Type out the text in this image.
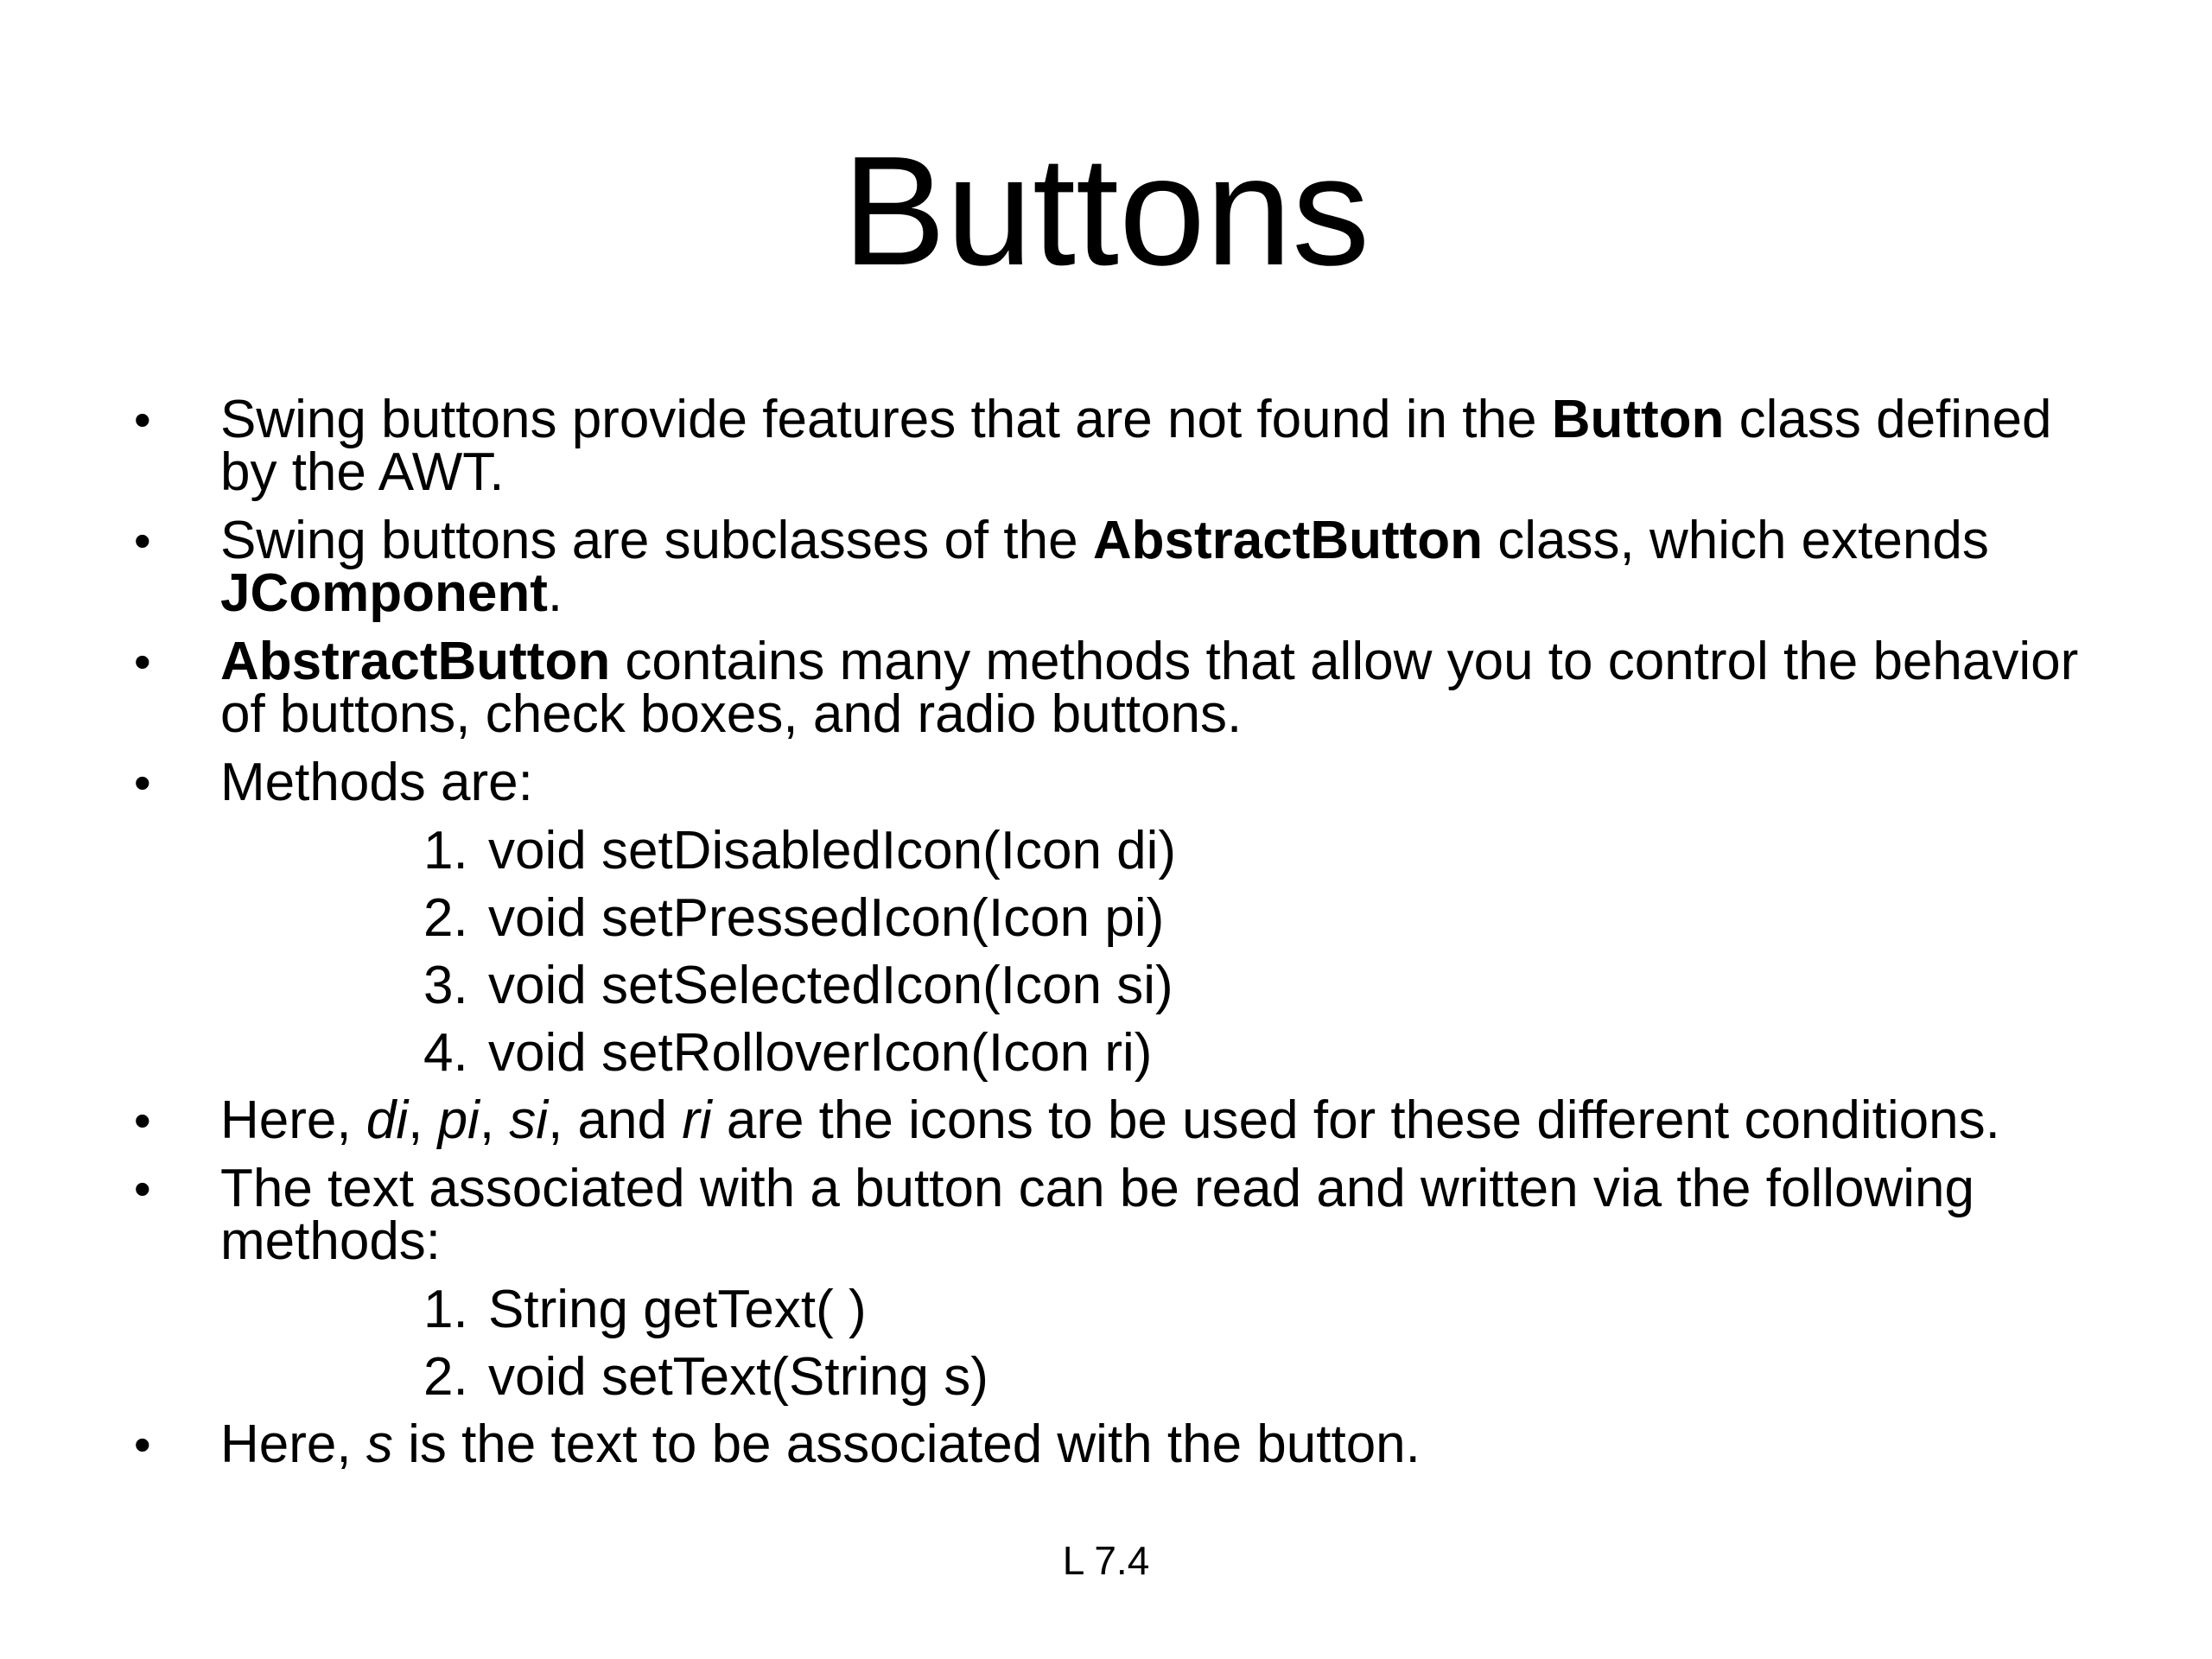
Buttons
• Swing buttons provide features that are not found in the Button class defined by the AWT.
• Swing buttons are subclasses of the AbstractButton class, which extends JComponent.
• AbstractButton contains many methods that allow you to control the behavior of buttons, check boxes, and radio buttons.
• Methods are:
1. void setDisabledIcon(Icon di)
2. void setPressedIcon(Icon pi)
3. void setSelectedIcon(Icon si)
4. void setRolloverIcon(Icon ri)
• Here, di, pi, si, and ri are the icons to be used for these different conditions.
• The text associated with a button can be read and written via the following methods:
1. String getText( )
2. void setText(String s)
• Here, s is the text to be associated with the button.
L 7.4
